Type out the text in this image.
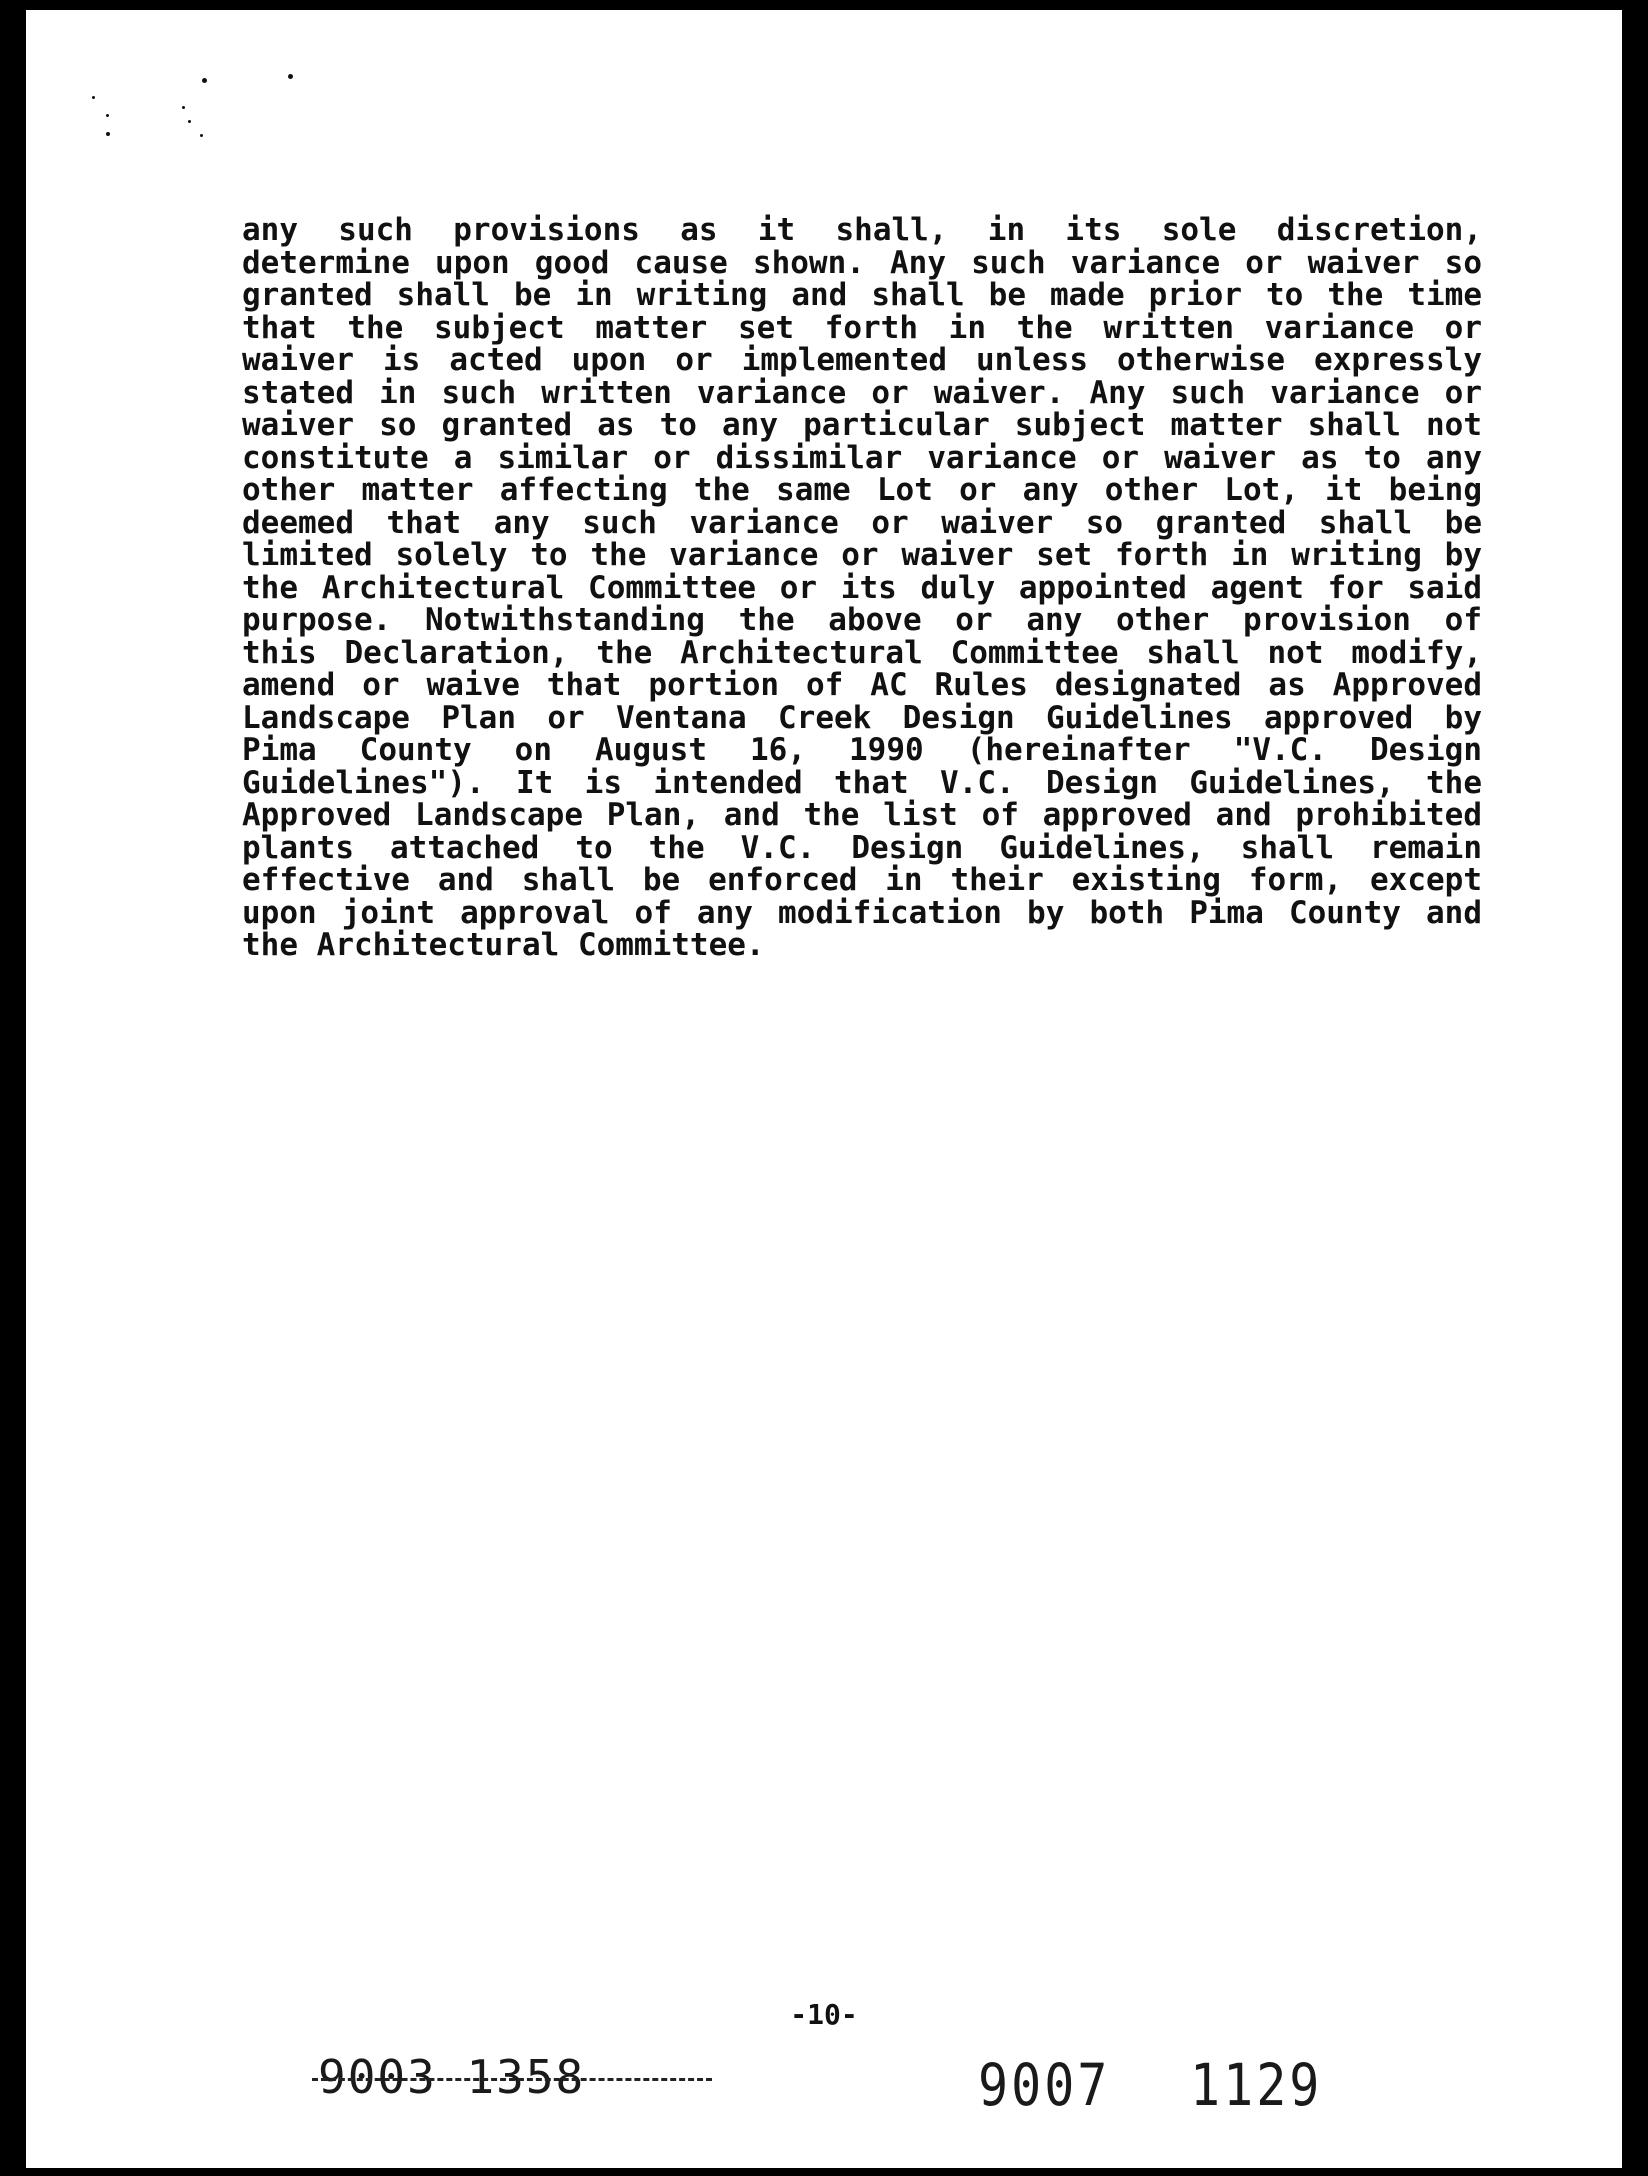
any such provisions as it shall, in its sole discretion,
determine upon good cause shown. Any such variance or waiver so
granted shall be in writing and shall be made prior to the time
that the subject matter set forth in the written variance or
waiver is acted upon or implemented unless otherwise expressly
stated in such written variance or waiver. Any such variance or
waiver so granted as to any particular subject matter shall not
constitute a similar or dissimilar variance or waiver as to any
other matter affecting the same Lot or any other Lot, it being
deemed that any such variance or waiver so granted shall be
limited solely to the variance or waiver set forth in writing by
the Architectural Committee or its duly appointed agent for said
purpose. Notwithstanding the above or any other provision of
this Declaration, the Architectural Committee shall not modify,
amend or waive that portion of AC Rules designated as Approved
Landscape Plan or Ventana Creek Design Guidelines approved by
Pima County on August 16, 1990 (hereinafter "V.C. Design
Guidelines"). It is intended that V.C. Design Guidelines, the
Approved Landscape Plan, and the list of approved and prohibited
plants attached to the V.C. Design Guidelines, shall remain
effective and shall be enforced in their existing form, except
upon joint approval of any modification by both Pima County and
the Architectural Committee.
-10-
9003 1358	9007 1129
